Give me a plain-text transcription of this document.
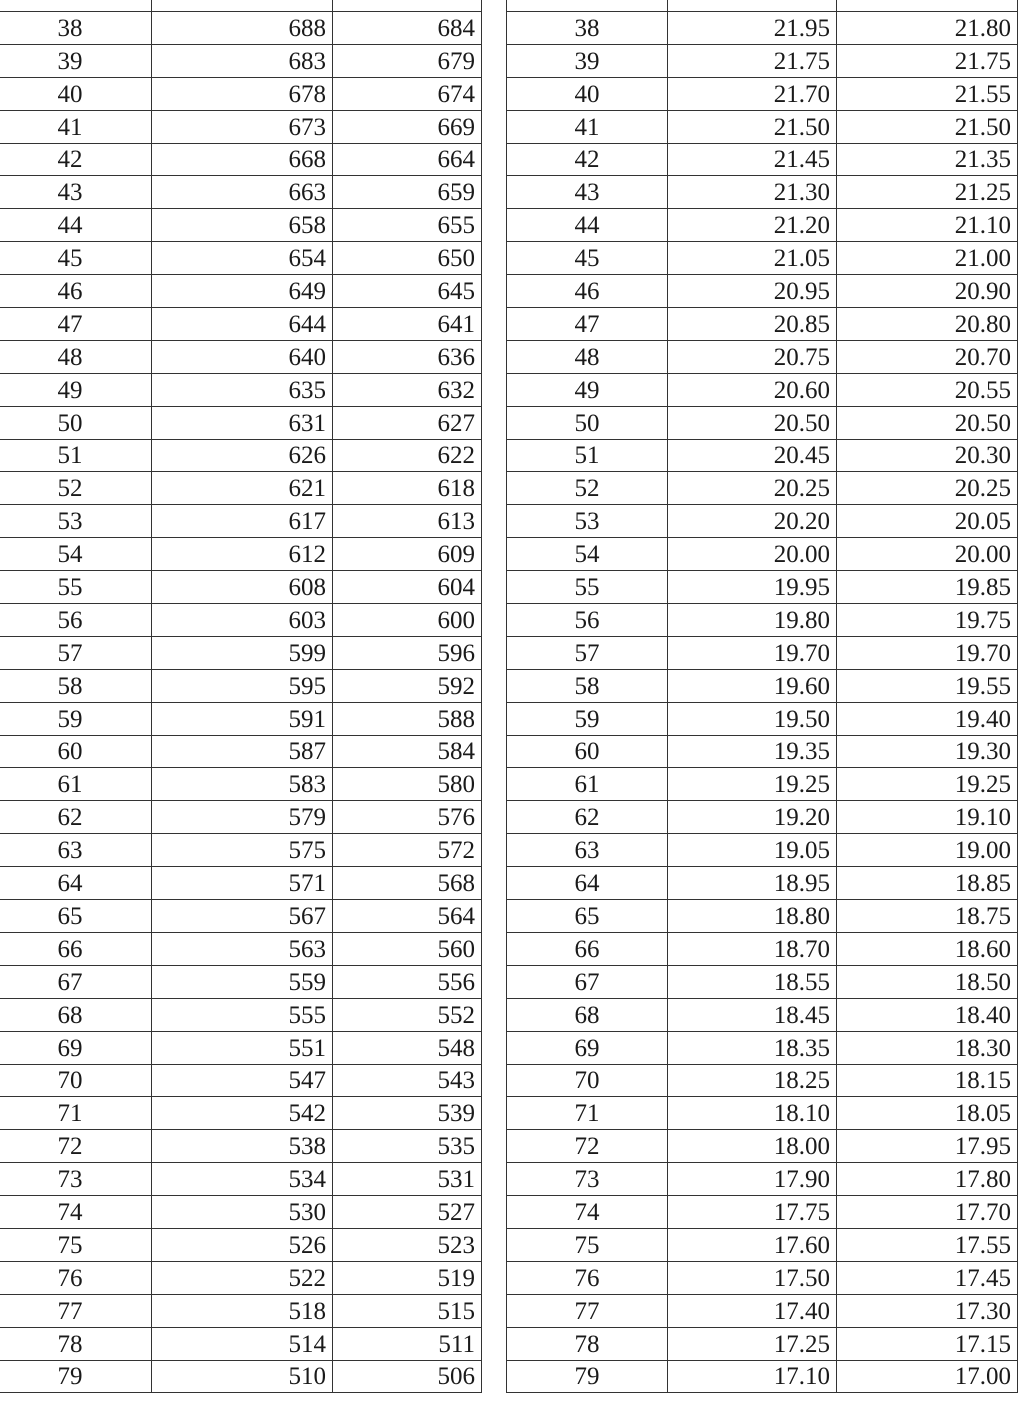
38	688	684
39	683	679
40	678	674
41	673	669
42	668	664
43	663	659
44	658	655
45	654	650
46	649	645
47	644	641
48	640	636
49	635	632
50	631	627
51	626	622
52	621	618
53	617	613
54	612	609
55	608	604
56	603	600
57	599	596
58	595	592
59	591	588
60	587	584
61	583	580
62	579	576
63	575	572
64	571	568
65	567	564
66	563	560
67	559	556
68	555	552
69	551	548
70	547	543
71	542	539
72	538	535
73	534	531
74	530	527
75	526	523
76	522	519
77	518	515
78	514	511
79	510	506

38	21.95	21.80
39	21.75	21.75
40	21.70	21.55
41	21.50	21.50
42	21.45	21.35
43	21.30	21.25
44	21.20	21.10
45	21.05	21.00
46	20.95	20.90
47	20.85	20.80
48	20.75	20.70
49	20.60	20.55
50	20.50	20.50
51	20.45	20.30
52	20.25	20.25
53	20.20	20.05
54	20.00	20.00
55	19.95	19.85
56	19.80	19.75
57	19.70	19.70
58	19.60	19.55
59	19.50	19.40
60	19.35	19.30
61	19.25	19.25
62	19.20	19.10
63	19.05	19.00
64	18.95	18.85
65	18.80	18.75
66	18.70	18.60
67	18.55	18.50
68	18.45	18.40
69	18.35	18.30
70	18.25	18.15
71	18.10	18.05
72	18.00	17.95
73	17.90	17.80
74	17.75	17.70
75	17.60	17.55
76	17.50	17.45
77	17.40	17.30
78	17.25	17.15
79	17.10	17.00
